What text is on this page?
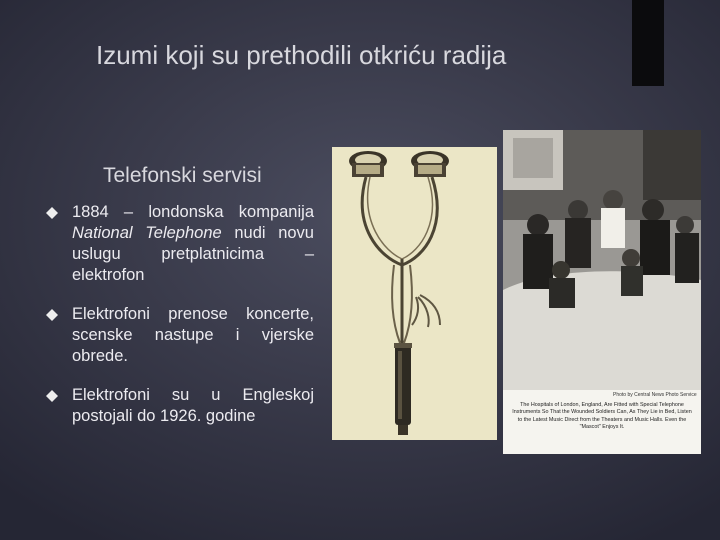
Izumi koji su prethodili otkriću radija
Telefonski servisi
1884 – londonska kompanija National Telephone nudi novu uslugu pretplatnicima – elektrofon
Elektrofoni prenose koncerte, scenske nastupe i vjerske obrede.
Elektrofoni su u Engleskoj postojali do 1926. godine
Photo by Central News Photo Service
The Hospitals of London, England, Are Fitted with Special Telephone Instruments So That the Wounded Soldiers Can, As They Lie in Bed, Listen to the Latest Music Direct from the Theaters and Music Halls. Even the "Mascot" Enjoys It.
